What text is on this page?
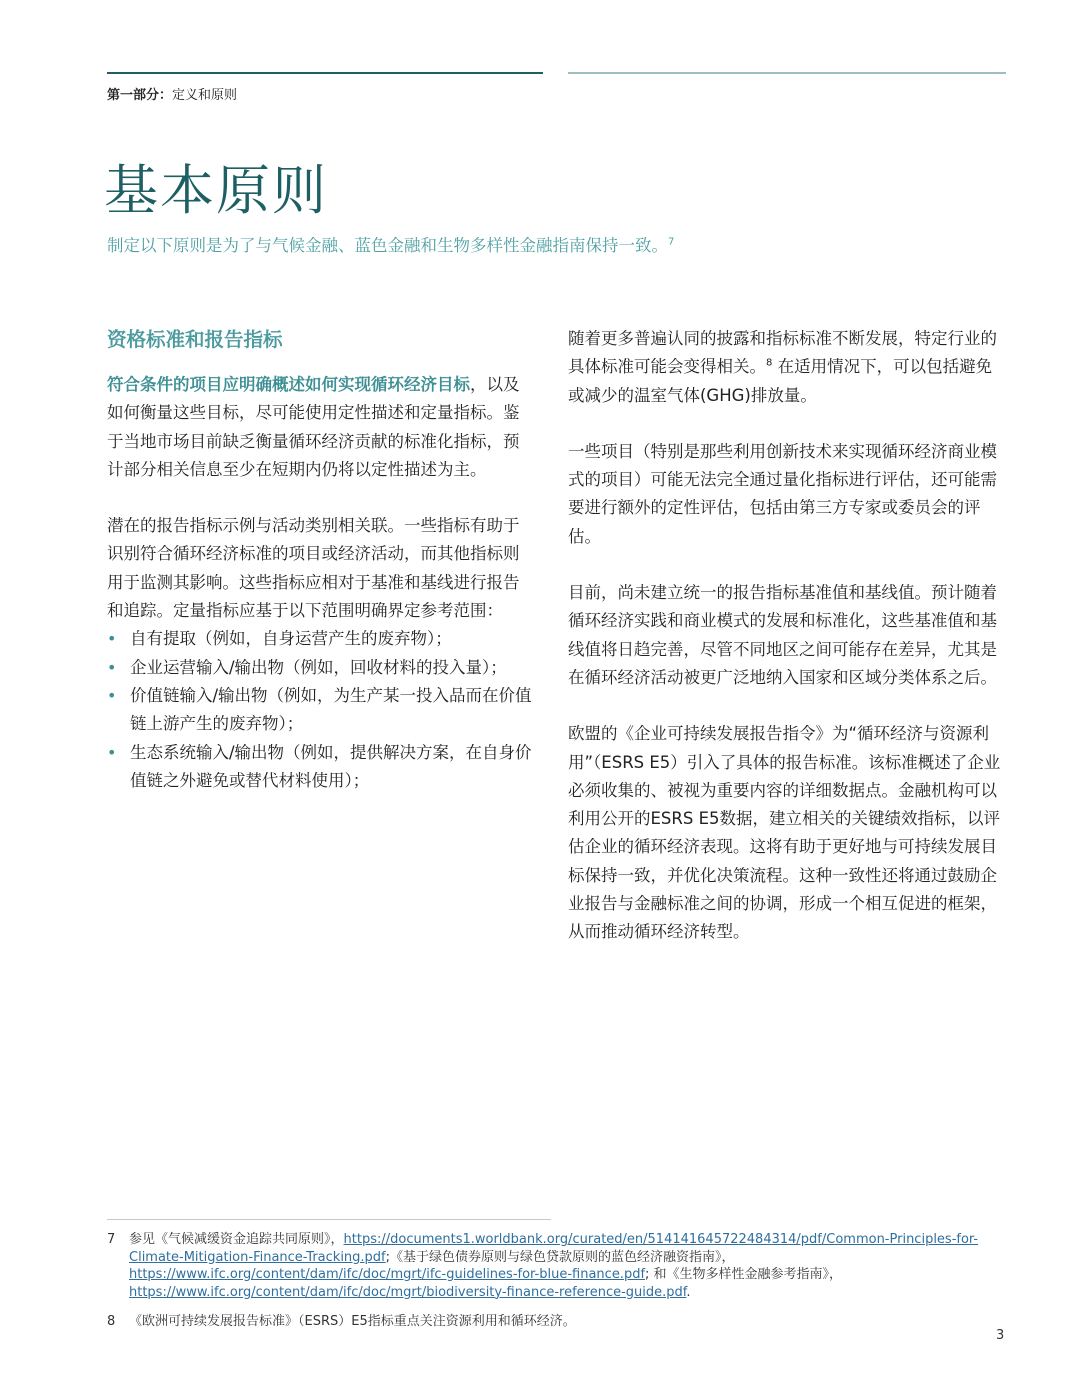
第一部分：定义和原则
基本原则
制定以下原则是为了与气候金融、蓝色金融和生物多样性金融指南保持一致。$^7$
资格标准和报告指标

符合条件的项目应明确概述如何实现循环经济目标，以及如何衡量这些目标，尽可能使用定性描述和定量指标。鉴于当地市场目前缺乏衡量循环经济贡献的标准化指标，预计部分相关信息至少在短期内仍将以定性描述为主。

潜在的报告指标示例与活动类别相关联。一些指标有助于识别符合循环经济标准的项目或经济活动，而其他指标则用于监测其影响。这些指标应相对于基准和基线进行报告和追踪。定量指标应基于以下范围明确界定参考范围：

• 自有提取（例如，自身运营产生的废弃物）；
• 企业运营输入/输出物（例如，回收材料的投入量）；
• 价值链输入/输出物（例如，为生产某一投入品而在价值链上游产生的废弃物）；
• 生态系统输入/输出物（例如，提供解决方案，在自身价值链之外避免或替代材料使用）；

随着更多普遍认同的披露和指标标准不断发展，特定行业的具体标准可能会变得相关。$^8$ 在适用情况下，可以包括避免或减少的温室气体(GHG)排放量。

一些项目（特别是那些利用创新技术来实现循环经济商业模式的项目）可能无法完全通过量化指标进行评估，还可能需要进行额外的定性评估，包括由第三方专家或委员会的评估。

目前，尚未建立统一的报告指标基准值和基线值。预计随着循环经济实践和商业模式的发展和标准化，这些基准值和基线值将日趋完善，尽管不同地区之间可能存在差异，尤其是在循环经济活动被更广泛地纳入国家和区域分类体系之后。

欧盟的《企业可持续发展报告指令》为“循环经济与资源利用”（ESRS E5）引入了具体的报告标准。该标准概述了企业必须收集的、被视为重要内容的详细数据点。金融机构可以利用公开的ESRS E5数据，建立相关的关键绩效指标，以评估企业的循环经济表现。这将有助于更好地与可持续发展目标保持一致，并优化决策流程。这种一致性还将通过鼓励企业报告与金融标准之间的协调，形成一个相互促进的框架，从而推动循环经济转型。

7 参见《气候减缓资金追踪共同原则》，https://documents1.worldbank.org/curated/en/514141645722484314/pdf/Common-Principles-for-Climate-Mitigation-Finance-Tracking.pdf;《基于绿色债券原则与绿色贷款原则的蓝色经济融资指南》，https://www.ifc.org/content/dam/ifc/doc/mgrt/ifc-guidelines-for-blue-finance.pdf; 和《生物多样性金融参考指南》，https://www.ifc.org/content/dam/ifc/doc/mgrt/biodiversity-finance-reference-guide.pdf.
8 《欧洲可持续发展报告标准》（ESRS）E5指标重点关注资源利用和循环经济。
3
